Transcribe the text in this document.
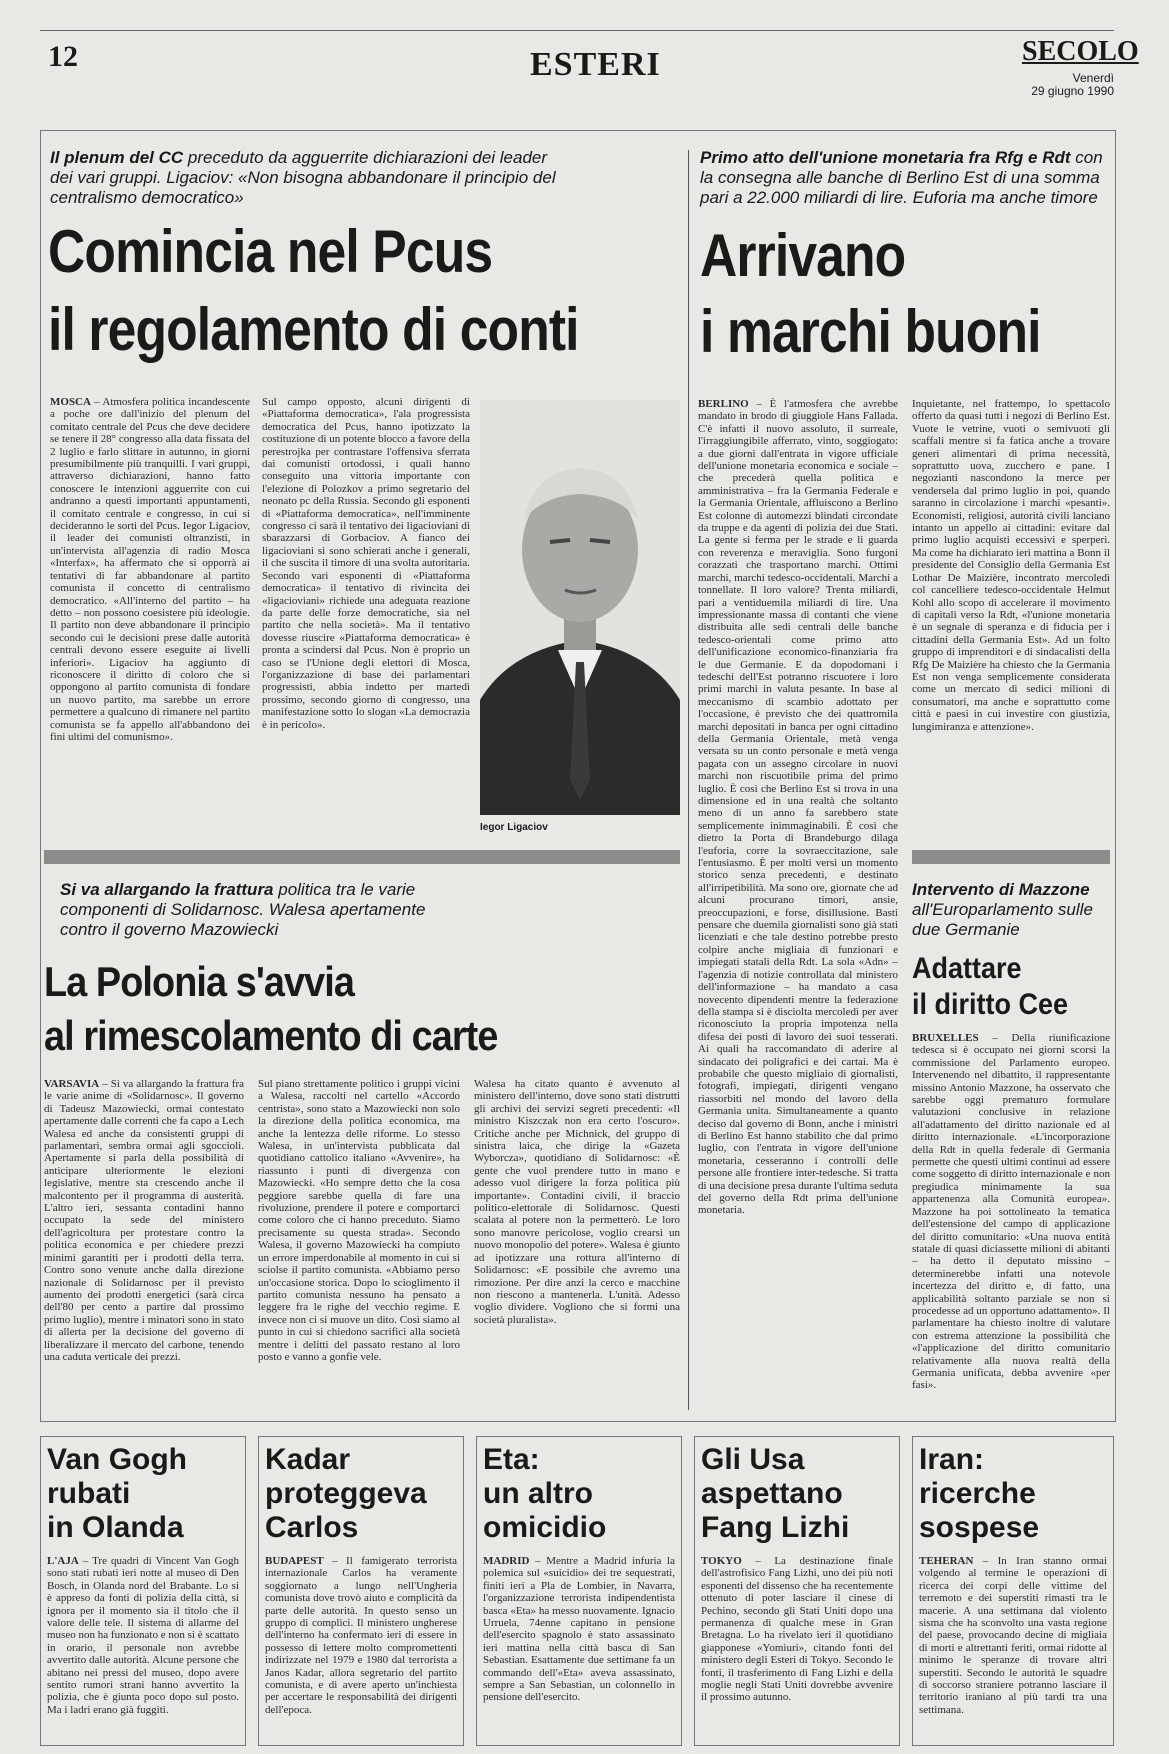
12	ESTERI	SECOLO
Venerdì
29 giugno 1990
Il plenum del CC preceduto da agguerrite dichiarazioni dei leader dei vari gruppi. Ligaciov: «Non bisogna abbandonare il principio del centralismo democratico»
Comincia nel Pcus
il regolamento di conti
MOSCA – Atmosfera politica incandescente a poche ore dall'inizio del plenum del comitato centrale del Pcus che deve decidere se tenere il 28° congresso alla data fissata del 2 luglio e farlo slittare in autunno, in giorni presumibilmente più tranquilli. I vari gruppi, attraverso dichiarazioni, hanno fatto conoscere le intenzioni agguerrite con cui andranno a questi importanti appuntamenti, il comitato centrale e congresso, in cui si decideranno le sorti del Pcus. Iegor Ligaciov, il leader dei comunisti oltranzisti, in un'intervista all'agenzia di radio Mosca «Interfax», ha affermato che si opporrà ai tentativi di far abbandonare al partito comunista il concetto di centralismo democratico. «All'interno del partito – ha detto – non possono coesistere più ideologie. Il partito non deve abbandonare il principio secondo cui le decisioni prese dalle autorità centrali devono essere eseguite ai livelli inferiori». Ligaciov ha aggiunto di riconoscere il diritto di coloro che si oppongono al partito comunista di fondare un nuovo partito, ma sarebbe un errore permettere a qualcuno di rimanere nel partito comunista se fa appello all'abbandono dei fini ultimi del comunismo».
Sul campo opposto, alcuni dirigenti di «Piattaforma democratica», l'ala progressista democratica del Pcus, hanno ipotizzato la costituzione di un potente blocco a favore della perestrojka per contrastare l'offensiva sferrata dai comunisti ortodossi, i quali hanno conseguito una vittoria importante con l'elezione di Polozkov a primo segretario del neonato pc della Russia. Secondo gli esponenti di «Piattaforma democratica», nell'imminente congresso ci sarà il tentativo dei ligacioviani di sbarazzarsi di Gorbaciov. A fianco dei ligacioviani si sono schierati anche i generali, il che suscita il timore di una svolta autoritaria. Secondo vari esponenti di «Piattaforma democratica» il tentativo di rivincita dei «ligacioviani» richiede una adeguata reazione da parte delle forze democratiche, sia nel partito che nella società». Ma il tentativo dovesse riuscire «Piattaforma democratica» è pronta a scindersi dal Pcus. Non è proprio un caso se l'Unione degli elettori di Mosca, l'organizzazione di base dei parlamentari progressisti, abbia indetto per martedì prossimo, secondo giorno di congresso, una manifestazione sotto lo slogan «La democrazia è in pericolo».
Iegor Ligaciov
Primo atto dell'unione monetaria fra Rfg e Rdt con la consegna alle banche di Berlino Est di una somma pari a 22.000 miliardi di lire. Euforia ma anche timore
Arrivano
i marchi buoni
BERLINO – È l'atmosfera che avrebbe mandato in brodo di giuggiole Hans Fallada. C'è infatti il nuovo assoluto, il surreale, l'irraggiungibile afferrato, vinto, soggiogato: a due giorni dall'entrata in vigore ufficiale dell'unione monetaria economica e sociale – che precederà quella politica e amministrativa – fra la Germania Federale e la Germania Orientale, affluiscono a Berlino Est colonne di automezzi blindati circondate da truppe e da agenti di polizia dei due Stati. La gente si ferma per le strade e li guarda con reverenza e meraviglia. Sono furgoni corazzati che trasportano marchi. Ottimi marchi, marchi tedesco-occidentali. Marchi a tonnellate. Il loro valore? Trenta miliardi, pari a ventiduemila miliardi di lire. Una impressionante massa di contanti che viene distribuita alle sedi centrali delle banche tedesco-orientali come primo atto dell'unificazione economico-finanziaria fra le due Germanie. E da dopodomani i tedeschi dell'Est potranno riscuotere i loro primi marchi in valuta pesante. In base al meccanismo di scambio adottato per l'occasione, è previsto che dei quattromila marchi depositati in banca per ogni cittadino della Germania Orientale, metà venga versata su un conto personale e metà venga pagata con un assegno circolare in nuovi marchi non riscuotibile prima del primo luglio. È così che Berlino Est si trova in una dimensione ed in una realtà che soltanto meno di un anno fa sarebbero state semplicemente inimmaginabili. È così che dietro la Porta di Brandeburgo dilaga l'euforia, corre la sovraeccitazione, sale l'entusiasmo. È per molti versi un momento storico senza precedenti, e destinato all'irripetibilità. Ma sono ore, giornate che ad alcuni procurano timori, ansie, preoccupazioni, e forse, disillusione. Basti pensare che duemila giornalisti sono già stati licenziati e che tale destino potrebbe presto colpire anche migliaia di funzionari e impiegati statali della Rdt. La sola «Adn» – l'agenzia di notizie controllata dal ministero dell'informazione – ha mandato a casa novecento dipendenti mentre la federazione della stampa si è disciolta mercoledì per aver riconosciuto la propria impotenza nella difesa dei posti di lavoro dei suoi tesserati. Ai quali ha raccomandato di aderire al sindacato dei poligrafici e dei cartai. Ma è probabile che questo migliaio di giornalisti, fotografi, impiegati, dirigenti vengano riassorbiti nel mondo del lavoro della Germania unita. Simultaneamente a quanto deciso dal governo di Bonn, anche i ministri di Berlino Est hanno stabilito che dal primo luglio, con l'entrata in vigore dell'unione monetaria, cesseranno i controlli delle persone alle frontiere inter-tedesche. Si tratta di una decisione presa durante l'ultima seduta del governo della Rdt prima dell'unione monetaria.
Inquietante, nel frattempo, lo spettacolo offerto da quasi tutti i negozi di Berlino Est. Vuote le vetrine, vuoti o semivuoti gli scaffali mentre si fa fatica anche a trovare generi alimentari di prima necessità, soprattutto uova, zucchero e pane. I negozianti nascondono la merce per vendersela dal primo luglio in poi, quando saranno in circolazione i marchi «pesanti». Economisti, religiosi, autorità civili lanciano intanto un appello ai cittadini: evitare dal primo luglio acquisti eccessivi e sperperi. Ma come ha dichiarato ieri mattina a Bonn il presidente del Consiglio della Germania Est Lothar De Maizière, incontrato mercoledì col cancelliere tedesco-occidentale Helmut Kohl allo scopo di accelerare il movimento di capitali verso la Rdt, «l'unione monetaria è un segnale di speranza e di fiducia per i cittadini della Germania Est». Ad un folto gruppo di imprenditori e di sindacalisti della Rfg De Maizière ha chiesto che la Germania Est non venga semplicemente considerata come un mercato di sedici milioni di consumatori, ma anche e soprattutto come città e paesi in cui investire con giustizia, lungimiranza e attenzione».
Si va allargando la frattura politica tra le varie componenti di Solidarnosc. Walesa apertamente contro il governo Mazowiecki
La Polonia s'avvia
al rimescolamento di carte
VARSAVIA – Si va allargando la frattura fra le varie anime di «Solidarnosc». Il governo di Tadeusz Mazowiecki, ormai contestato apertamente dalle correnti che fa capo a Lech Walesa ed anche da consistenti gruppi di parlamentari, sembra ormai agli sgoccioli. Apertamente si parla della possibilità di anticipare ulteriormente le elezioni legislative, mentre sta crescendo anche il malcontento per il programma di austerità. L'altro ieri, sessanta contadini hanno occupato la sede del ministero dell'agricoltura per protestare contro la politica economica e per chiedere prezzi minimi garantiti per i prodotti della terra. Contro sono venute anche dalla direzione nazionale di Solidarnosc per il previsto aumento dei prodotti energetici (sarà circa dell'80 per cento a partire dal prossimo primo luglio), mentre i minatori sono in stato di allerta per la decisione del governo di liberalizzare il mercato del carbone, tenendo una caduta verticale dei prezzi.
Sul piano strettamente politico i gruppi vicini a Walesa, raccolti nel cartello «Accordo centrista», sono stato a Mazowiecki non solo la direzione della politica economica, ma anche la lentezza delle riforme. Lo stesso Walesa, in un'intervista pubblicata dal quotidiano cattolico italiano «Avvenire», ha riassunto i punti di divergenza con Mazowiecki. «Ho sempre detto che la cosa peggiore sarebbe quella di fare una rivoluzione, prendere il potere e comportarci come coloro che ci hanno preceduto. Siamo precisamente su questa strada». Secondo Walesa, il governo Mazowiecki ha compiuto un errore imperdonabile al momento in cui si sciolse il partito comunista. «Abbiamo perso un'occasione storica. Dopo lo scioglimento il partito comunista nessuno ha pensato a leggere fra le righe del vecchio regime. E invece non ci si muove un dito. Così siamo al punto in cui si chiedono sacrifici alla società mentre i delitti del passato restano al loro posto e vanno a gonfie vele.
Walesa ha citato quanto è avvenuto al ministero dell'interno, dove sono stati distrutti gli archivi dei servizi segreti precedenti: «Il ministro Kiszczak non era certo l'oscuro». Critiche anche per Michnick, del gruppo di sinistra laica, che dirige la «Gazeta Wyborcza», quotidiano di Solidarnosc: «È gente che vuol prendere tutto in mano e adesso vuol dirigere la forza politica più importante». Contadini civili, il braccio politico-elettorale di Solidarnosc. Questi scalata al potere non la permetterò. Le loro sono manovre pericolose, voglio crearsi un nuovo monopolio del potere». Walesa è giunto ad ipotizzare una rottura all'interno di Solidarnosc: «E possibile che avremo una rimozione. Per dire anzi la cerco e macchine non riescono a mantenerla. L'unità. Adesso voglio dividere. Vogliono che si formi una società pluralista».
Intervento di Mazzone all'Europarlamento sulle due Germanie
Adattare
il diritto Cee
BRUXELLES – Della riunificazione tedesca si è occupato nei giorni scorsi la commissione del Parlamento europeo. Intervenendo nel dibattito, il rappresentante missino Antonio Mazzone, ha osservato che sarebbe oggi prematuro formulare valutazioni conclusive in relazione all'adattamento del diritto nazionale ed al diritto internazionale. «L'incorporazione della Rdt in quella federale di Germania permette che questi ultimi continui ad essere come soggetto di diritto internazionale e non pregiudica minimamente la sua appartenenza alla Comunità europea». Mazzone ha poi sottolineato la tematica dell'estensione del campo di applicazione del diritto comunitario: «Una nuova entità statale di quasi diciassette milioni di abitanti – ha detto il deputato missino – determinerebbe infatti una notevole incertezza del diritto e, di fatto, una applicabilità soltanto parziale se non si procedesse ad un opportuno adattamento». Il parlamentare ha chiesto inoltre di valutare con estrema attenzione la possibilità che «l'applicazione del diritto comunitario relativamente alla nuova realtà della Germania unificata, debba avvenire «per fasi».
Van Gogh
rubati
in Olanda
L'AJA – Tre quadri di Vincent Van Gogh sono stati rubati ieri notte al museo di Den Bosch, in Olanda nord del Brabante. Lo si è appreso da fonti di polizia della città, si ignora per il momento sia il titolo che il valore delle tele. Il sistema di allarme del museo non ha funzionato e non si è scattato in orario, il personale non avrebbe avvertito dalle autorità. Alcune persone che abitano nei pressi del museo, dopo avere sentito rumori strani hanno avvertito la polizia, che è giunta poco dopo sul posto. Ma i ladri erano già fuggiti.
Kadar
proteggeva
Carlos
BUDAPEST – Il famigerato terrorista internazionale Carlos ha veramente soggiornato a lungo nell'Ungheria comunista dove trovò aiuto e complicità da parte delle autorità. In questo senso un gruppo di complici. Il ministero ungherese dell'interno ha confermato ieri di essere in possesso di lettere molto compromettenti indirizzate nel 1979 e 1980 dal terrorista a Janos Kadar, allora segretario del partito comunista, e di avere aperto un'inchiesta per accertare le responsabilità dei dirigenti dell'epoca.
Eta:
un altro
omicidio
MADRID – Mentre a Madrid infuria la polemica sul «suicidio» dei tre sequestrati, finiti ieri a Pla de Lombier, in Navarra, l'organizzazione terrorista indipendentista basca «Eta» ha messo nuovamente. Ignacio Urruela, 74enne capitano in pensione dell'esercito spagnolo è stato assassinato ieri mattina nella città basca di San Sebastian. Esattamente due settimane fa un commando dell'«Eta» aveva assassinato, sempre a San Sebastian, un colonnello in pensione dell'esercito.
Gli Usa
aspettano
Fang Lizhi
TOKYO – La destinazione finale dell'astrofisico Fang Lizhi, uno dei più noti esponenti del dissenso che ha recentemente ottenuto di poter lasciare il cinese di Pechino, secondo gli Stati Uniti dopo una permanenza di qualche mese in Gran Bretagna. Lo ha rivelato ieri il quotidiano giapponese «Yomiuri», citando fonti del ministero degli Esteri di Tokyo. Secondo le fonti, il trasferimento di Fang Lizhi e della moglie negli Stati Uniti dovrebbe avvenire il prossimo autunno.
Iran:
ricerche
sospese
TEHERAN – In Iran stanno ormai volgendo al termine le operazioni di ricerca dei corpi delle vittime del terremoto e dei superstiti rimasti tra le macerie. A una settimana dal violento sisma che ha sconvolto una vasta regione del paese, provocando decine di migliaia di morti e altrettanti feriti, ormai ridotte al minimo le speranze di trovare altri superstiti. Secondo le autorità le squadre di soccorso straniere potranno lasciare il territorio iraniano al più tardi tra una settimana.
